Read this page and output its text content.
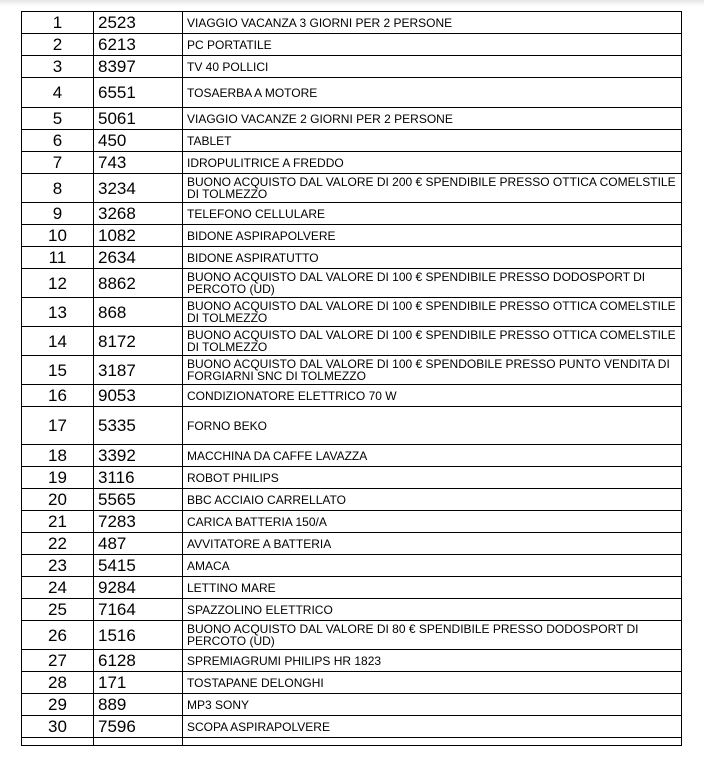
1	2523	VIAGGIO VACANZA 3 GIORNI PER 2 PERSONE
2	6213	PC PORTATILE
3	8397	TV 40 POLLICI
4	6551	TOSAERBA A MOTORE
5	5061	VIAGGIO VACANZE 2 GIORNI PER 2 PERSONE
6	450	TABLET
7	743	IDROPULITRICE A FREDDO
8	3234	BUONO ACQUISTO DAL VALORE DI 200 € SPENDIBILE PRESSO OTTICA COMELSTILE DI TOLMEZZO
9	3268	TELEFONO CELLULARE
10	1082	BIDONE ASPIRAPOLVERE
11	2634	BIDONE ASPIRATUTTO
12	8862	BUONO ACQUISTO DAL VALORE DI 100 € SPENDIBILE PRESSO DODOSPORT DI PERCOTO (UD)
13	868	BUONO ACQUISTO DAL VALORE DI 100 € SPENDIBILE PRESSO OTTICA COMELSTILE DI TOLMEZZO
14	8172	BUONO ACQUISTO DAL VALORE DI 100 € SPENDIBILE PRESSO OTTICA COMELSTILE DI TOLMEZZO
15	3187	BUONO ACQUISTO DAL VALORE DI 100 € SPENDOBILE PRESSO PUNTO VENDITA DI FORGIARNI SNC DI TOLMEZZO
16	9053	CONDIZIONATORE ELETTRICO 70 W
17	5335	FORNO BEKO
18	3392	MACCHINA DA CAFFE LAVAZZA
19	3116	ROBOT PHILIPS
20	5565	BBC ACCIAIO CARRELLATO
21	7283	CARICA BATTERIA 150/A
22	487	AVVITATORE A BATTERIA
23	5415	AMACA
24	9284	LETTINO MARE
25	7164	SPAZZOLINO ELETTRICO
26	1516	BUONO ACQUISTO DAL VALORE DI 80 € SPENDIBILE PRESSO DODOSPORT DI PERCOTO (UD)
27	6128	SPREMIAGRUMI PHILIPS HR 1823
28	171	TOSTAPANE DELONGHI
29	889	MP3 SONY
30	7596	SCOPA ASPIRAPOLVERE
